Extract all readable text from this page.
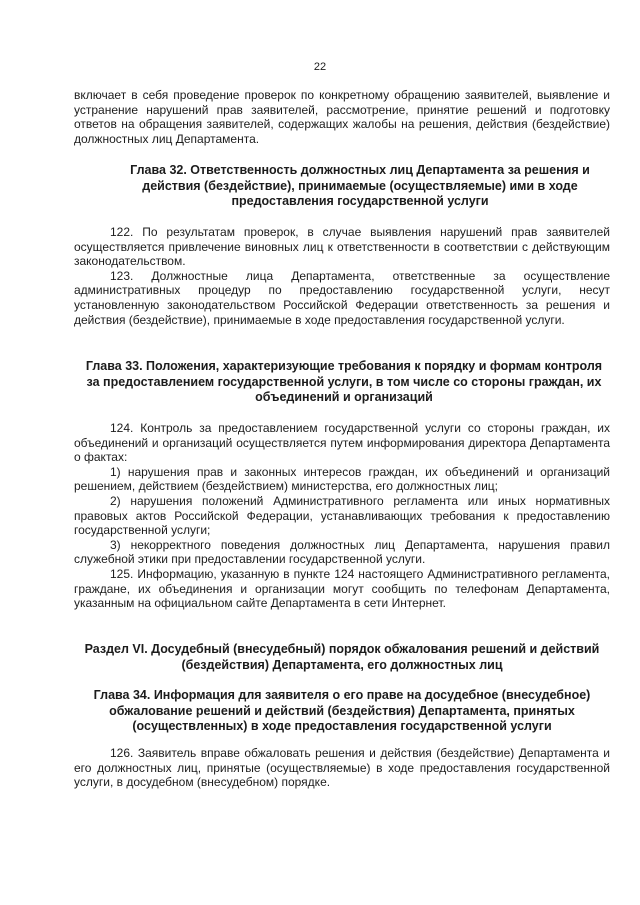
22

включает в себя проведение проверок по конкретному обращению заявителей, выявление и устранение нарушений прав заявителей, рассмотрение, принятие решений и подготовку ответов на обращения заявителей, содержащих жалобы на решения, действия (бездействие) должностных лиц Департамента.

Глава 32. Ответственность должностных лиц Департамента за решения и действия (бездействие), принимаемые (осуществляемые) ими в ходе предоставления государственной услуги

122. По результатам проверок, в случае выявления нарушений прав заявителей осуществляется привлечение виновных лиц к ответственности в соответствии с действующим законодательством.

123. Должностные лица Департамента, ответственные за осуществление административных процедур по предоставлению государственной услуги, несут установленную законодательством Российской Федерации ответственность за решения и действия (бездействие), принимаемые в ходе предоставления государственной услуги.

Глава 33. Положения, характеризующие требования к порядку и формам контроля за предоставлением государственной услуги, в том числе со стороны граждан, их объединений и организаций

124. Контроль за предоставлением государственной услуги со стороны граждан, их объединений и организаций осуществляется путем информирования директора Департамента о фактах:

1) нарушения прав и законных интересов граждан, их объединений и организаций решением, действием (бездействием) министерства, его должностных лиц;

2) нарушения положений Административного регламента или иных нормативных правовых актов Российской Федерации, устанавливающих требования к предоставлению государственной услуги;

3) некорректного поведения должностных лиц Департамента, нарушения правил служебной этики при предоставлении государственной услуги.

125. Информацию, указанную в пункте 124 настоящего Административного регламента, граждане, их объединения и организации могут сообщить по телефонам Департамента, указанным на официальном сайте Департамента в сети Интернет.

Раздел VI. Досудебный (внесудебный) порядок обжалования решений и действий (бездействия) Департамента, его должностных лиц
Глава 34. Информация для заявителя о его праве на досудебное (внесудебное) обжалование решений и действий (бездействия) Департамента, принятых (осуществленных) в ходе предоставления государственной услуги

126. Заявитель вправе обжаловать решения и действия (бездействие) Департамента и его должностных лиц, принятые (осуществляемые) в ходе предоставления государственной услуги, в досудебном (внесудебном) порядке.
